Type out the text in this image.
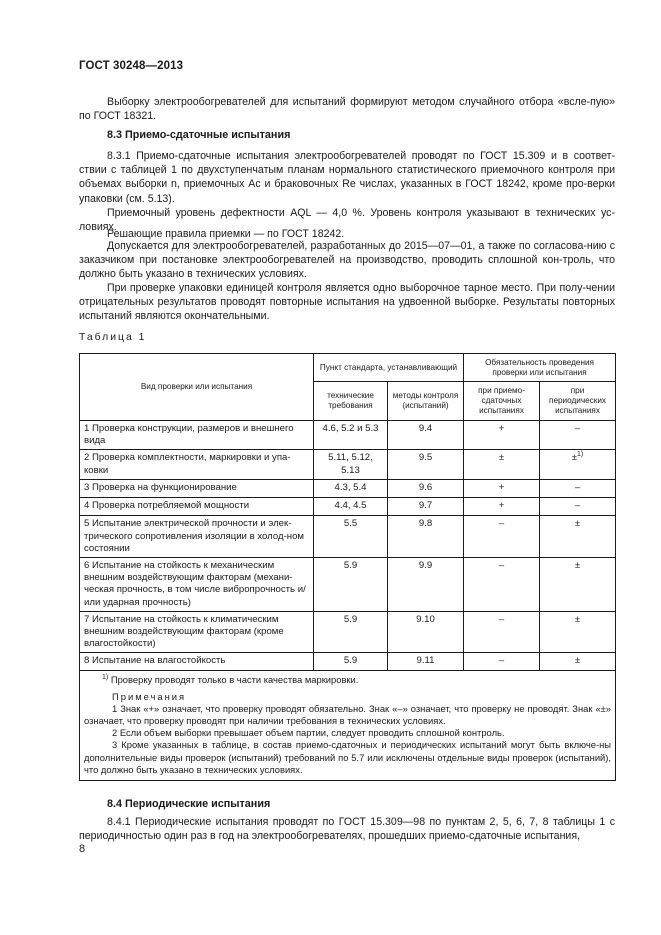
ГОСТ 30248—2013
Выборку электрообогревателей для испытаний формируют методом случайного отбора «всле-пую» по ГОСТ 18321.
8.3 Приемо-сдаточные испытания
8.3.1 Приемо-сдаточные испытания электрообогревателей проводят по ГОСТ 15.309 и в соответ-ствии с таблицей 1 по двухступенчатым планам нормального статистического приемочного контроля при объемах выборки n, приемочных Ac и браковочных Re числах, указанных в ГОСТ 18242, кроме про-верки упаковки (см. 5.13).
Приемочный уровень дефектности AQL — 4,0 %. Уровень контроля указывают в технических ус-ловиях.
Решающие правила приемки — по ГОСТ 18242.
Допускается для электрообогревателей, разработанных до 2015—07—01, а также по согласова-нию с заказчиком при постановке электрообогревателей на производство, проводить сплошной кон-троль, что должно быть указано в технических условиях.
При проверке упаковки единицей контроля является одно выборочное тарное место. При полу-чении отрицательных результатов проводят повторные испытания на удвоенной выборке. Результаты повторных испытаний являются окончательными.
Таблица 1
Вид проверки или испытания	Пункт стандарта, устанавливающий		Обязательность проведения проверки или испытания	
	технические требования	методы контроля (испытаний)	при приемо-сдаточных испытаниях	при периодических испытаниях
1 Проверка конструкции, размеров и внешнего вида	4.6, 5.2 и 5.3	9.4	+	–
2 Проверка комплектности, маркировки и упа-ковки	5.11, 5.12, 5.13	9.5	±	±$^{1)}$
3 Проверка на функционирование	4.3, 5.4	9.6	+	–
4 Проверка потребляемой мощности	4.4, 4.5	9.7	+	–
5 Испытание электрической прочности и элек-трического сопротивления изоляции в холод-ном состоянии	5.5	9.8	–	±
6 Испытание на стойкость к механическим внешним воздействующим факторам (механи-ческая прочность, в том числе вибропрочность и/или ударная прочность)	5.9	9.9	–	±
7 Испытание на стойкость к климатическим внешним воздействующим факторам (кроме влагостойкости)	5.9	9.10	–	±
8 Испытание на влагостойкость	5.9	9.11	–	±

$^{1)}$ Проверку проводят только в части качества маркировки.

Примечания

1 Знак «+» означает, что проверку проводят обязательно. Знак «–» означает, что проверку не проводят. Знак «±» означает, что проверку проводят при наличии требования в технических условиях.

2 Если объем выборки превышает объем партии, следует проводить сплошной контроль.

3 Кроме указанных в таблице, в состав приемо-сдаточных и периодических испытаний могут быть включе-ны дополнительные виды проверок (испытаний) требований по 5.7 или исключены отдельные виды проверок (испытаний), что должно быть указано в технических условиях.				

8.4 Периодические испытания
8.4.1 Периодические испытания проводят по ГОСТ 15.309—98 по пунктам 2, 5, 6, 7, 8 таблицы 1 с периодичностью один раз в год на электрообогревателях, прошедших приемо-сдаточные испытания,
8
